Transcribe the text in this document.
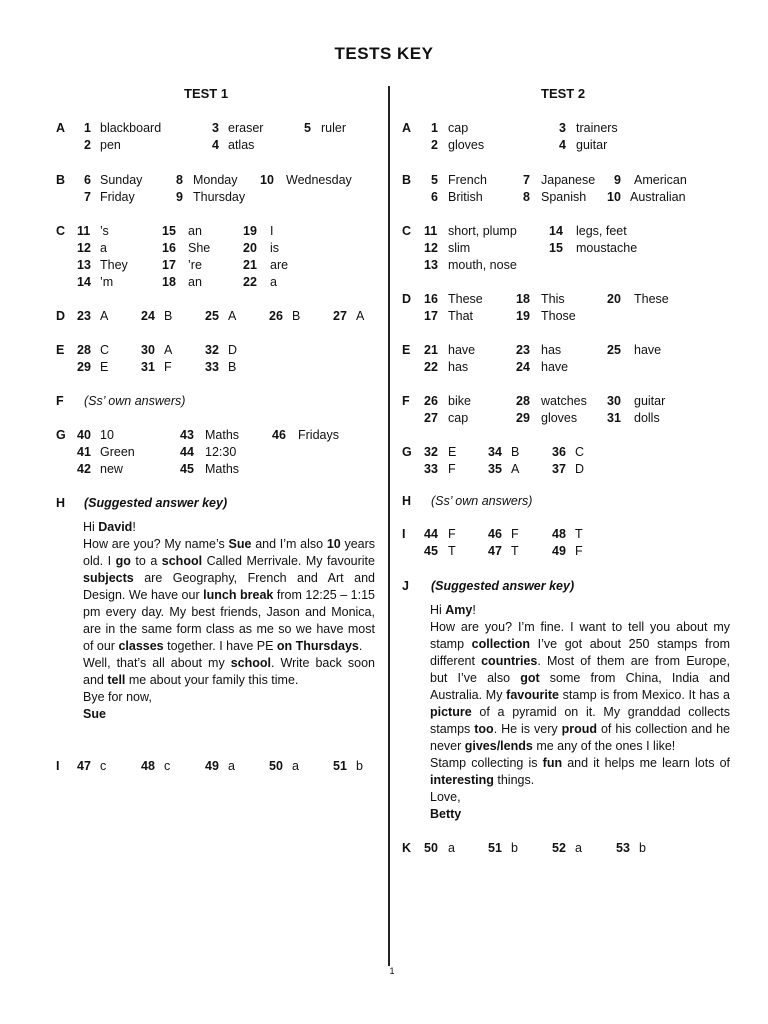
TESTS KEY
TEST 1
A 1 blackboard	3 eraser	5 ruler
2 pen	4 atlas
B 6 Sunday	8 Monday 10 Wednesday
7 Friday	9 Thursday
C 11 ’s	15 an	19 I
12 a	16 She	20 is
13 They	17 ’re	21 are
14 ’m	18 an	22 a
D 23 A	24 B	25 A	26 B	27 A
E 28 C	30 A	32 D
29 E	31 F	33 B
F (Ss’ own answers)
G 40 10	43 Maths	46 Fridays
41 Green	44 12:30
42 new	45 Maths
H (Suggested answer key)

Hi David!

How are you? My name’s Sue and I’m also 10 years old. I go to a school Called Merrivale. My favourite subjects are Geography, French and Art and Design. We have our lunch break from 12:25 – 1:15 pm every day. My best friends, Jason and Monica, are in the same form class as me so we have most of our classes together. I have PE on Thursdays.

Well, that’s all about my school. Write back soon and tell me about your family this time.

Bye for now,

Sue

I 47 c	48 c	49 a	50 a	51 b
TEST 2
A 1 cap	3 trainers
2 gloves	4 guitar
B 5 French	7 Japanese 9 American
6 British	8 Spanish 10 Australian
C 11 short, plump	14 legs, feet
12 slim	15 moustache
13 mouth, nose
D 16 These	18 This	20 These
17 That	19 Those
E 21 have	23 has	25 have
22 has	24 have
F 26 bike	28 watches 30 guitar
27 cap	29 gloves 31 dolls
G 32 E	34 B	36 C
33 F	35 A	37 D
H (Ss’ own answers)
I 44 F	46 F	48 T
45 T	47 T	49 F
J (Suggested answer key)

Hi Amy!

How are you? I’m fine. I want to tell you about my stamp collection I’ve got about 250 stamps from different countries. Most of them are from Europe, but I’ve also got some from China, India and Australia. My favourite stamp is from Mexico. It has a picture of a pyramid on it. My granddad collects stamps too. He is very proud of his collection and he never gives/lends me any of the ones I like!

Stamp collecting is fun and it helps me learn lots of interesting things.

Love,

Betty

K 50 a	51 b	52 a	53 b
1
